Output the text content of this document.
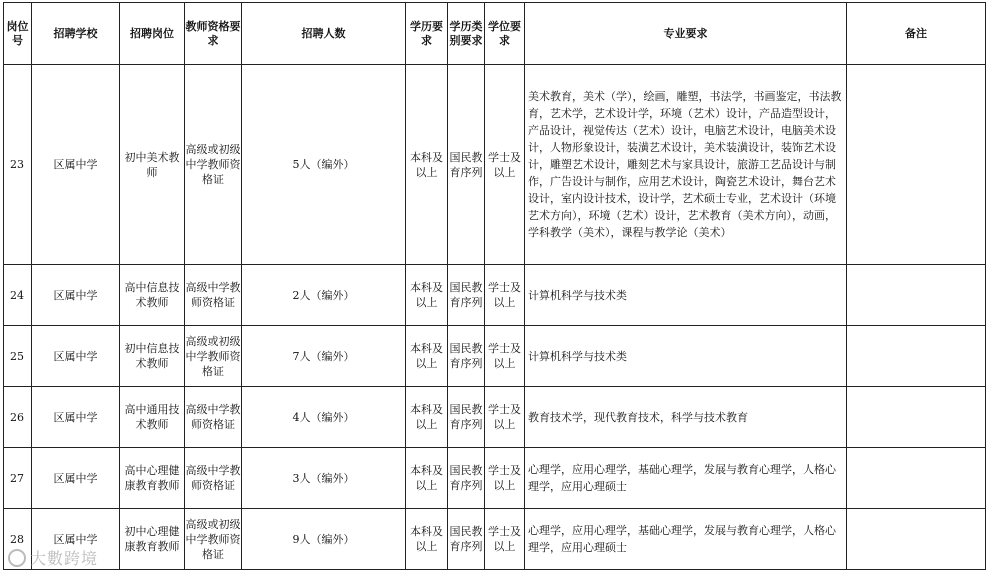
岗位号	招聘学校	招聘岗位	教师资格要求	招聘人数	学历要求	学历类别要求	学位要求	专业要求	备注
23	区属中学	初中美术教师	高级或初级中学教师资格证	5人（编外）	本科及以上	国民教育序列	学士及以上	美术教育，美术（学），绘画，雕塑，书法学，书画鉴定，书法教育，艺术学，艺术设计学，环境（艺术）设计，产品造型设计，产品设计，视觉传达（艺术）设计，电脑艺术设计，电脑美术设计，人物形象设计，装潢艺术设计，美术装潢设计，装饰艺术设计，雕塑艺术设计，雕刻艺术与家具设计，旅游工艺品设计与制作，广告设计与制作，应用艺术设计，陶瓷艺术设计，舞台艺术设计，室内设计技术，设计学，艺术硕士专业，艺术设计（环境艺术方向），环境（艺术）设计，艺术教育（美术方向），动画，学科教学（美术），课程与教学论（美术）	
24	区属中学	高中信息技术教师	高级中学教师资格证	2人（编外）	本科及以上	国民教育序列	学士及以上	计算机科学与技术类	
25	区属中学	初中信息技术教师	高级或初级中学教师资格证	7人（编外）	本科及以上	国民教育序列	学士及以上	计算机科学与技术类	
26	区属中学	高中通用技术教师	高级中学教师资格证	4人（编外）	本科及以上	国民教育序列	学士及以上	教育技术学，现代教育技术，科学与技术教育	
27	区属中学	高中心理健康教育教师	高级中学教师资格证	3人（编外）	本科及以上	国民教育序列	学士及以上	心理学，应用心理学，基础心理学，发展与教育心理学，人格心理学，应用心理硕士	
28	区属中学	初中心理健康教育教师	高级或初级中学教师资格证	9人（编外）	本科及以上	国民教育序列	学士及以上	心理学，应用心理学，基础心理学，发展与教育心理学，人格心理学，应用心理硕士	
大數跨境
